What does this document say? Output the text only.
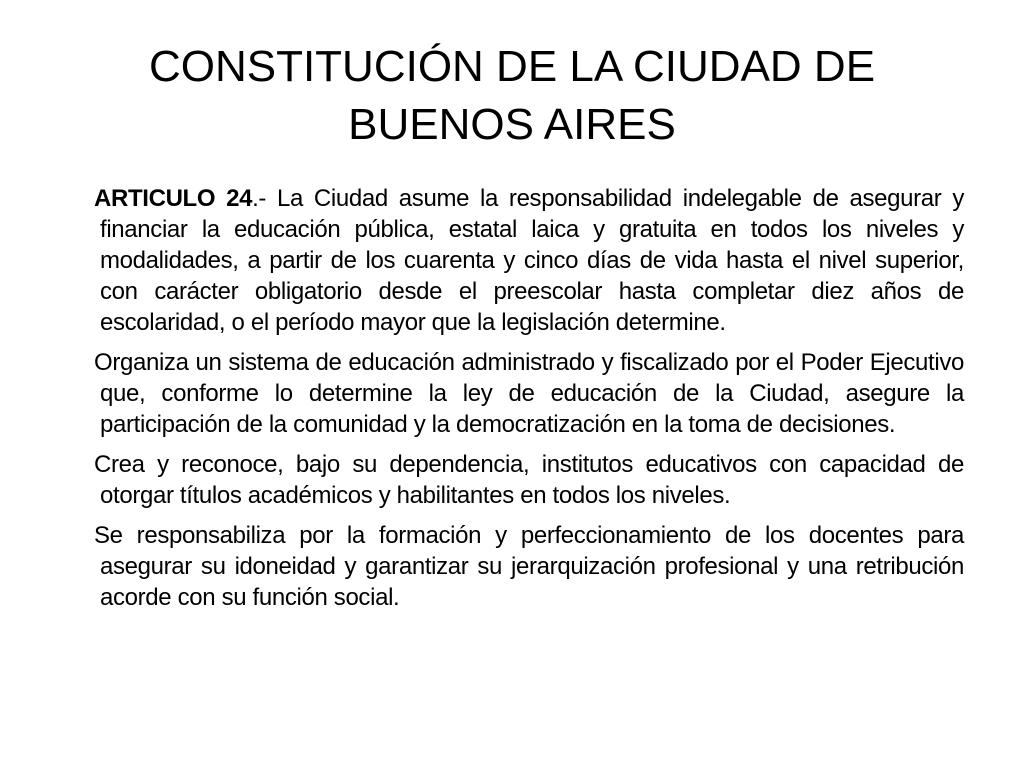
CONSTITUCIÓN DE LA CIUDAD DE BUENOS AIRES

ARTICULO 24.- La Ciudad asume la responsabilidad indelegable de asegurar y financiar la educación pública, estatal laica y gratuita en todos los niveles y modalidades, a partir de los cuarenta y cinco días de vida hasta el nivel superior, con carácter obligatorio desde el preescolar hasta completar diez años de escolaridad, o el período mayor que la legislación determine.

Organiza un sistema de educación administrado y fiscalizado por el Poder Ejecutivo que, conforme lo determine la ley de educación de la Ciudad, asegure la participación de la comunidad y la democratización en la toma de decisiones.

Crea y reconoce, bajo su dependencia, institutos educativos con capacidad de otorgar títulos académicos y habilitantes en todos los niveles.

Se responsabiliza por la formación y perfeccionamiento de los docentes para asegurar su idoneidad y garantizar su jerarquización profesional y una retribución acorde con su función social.
